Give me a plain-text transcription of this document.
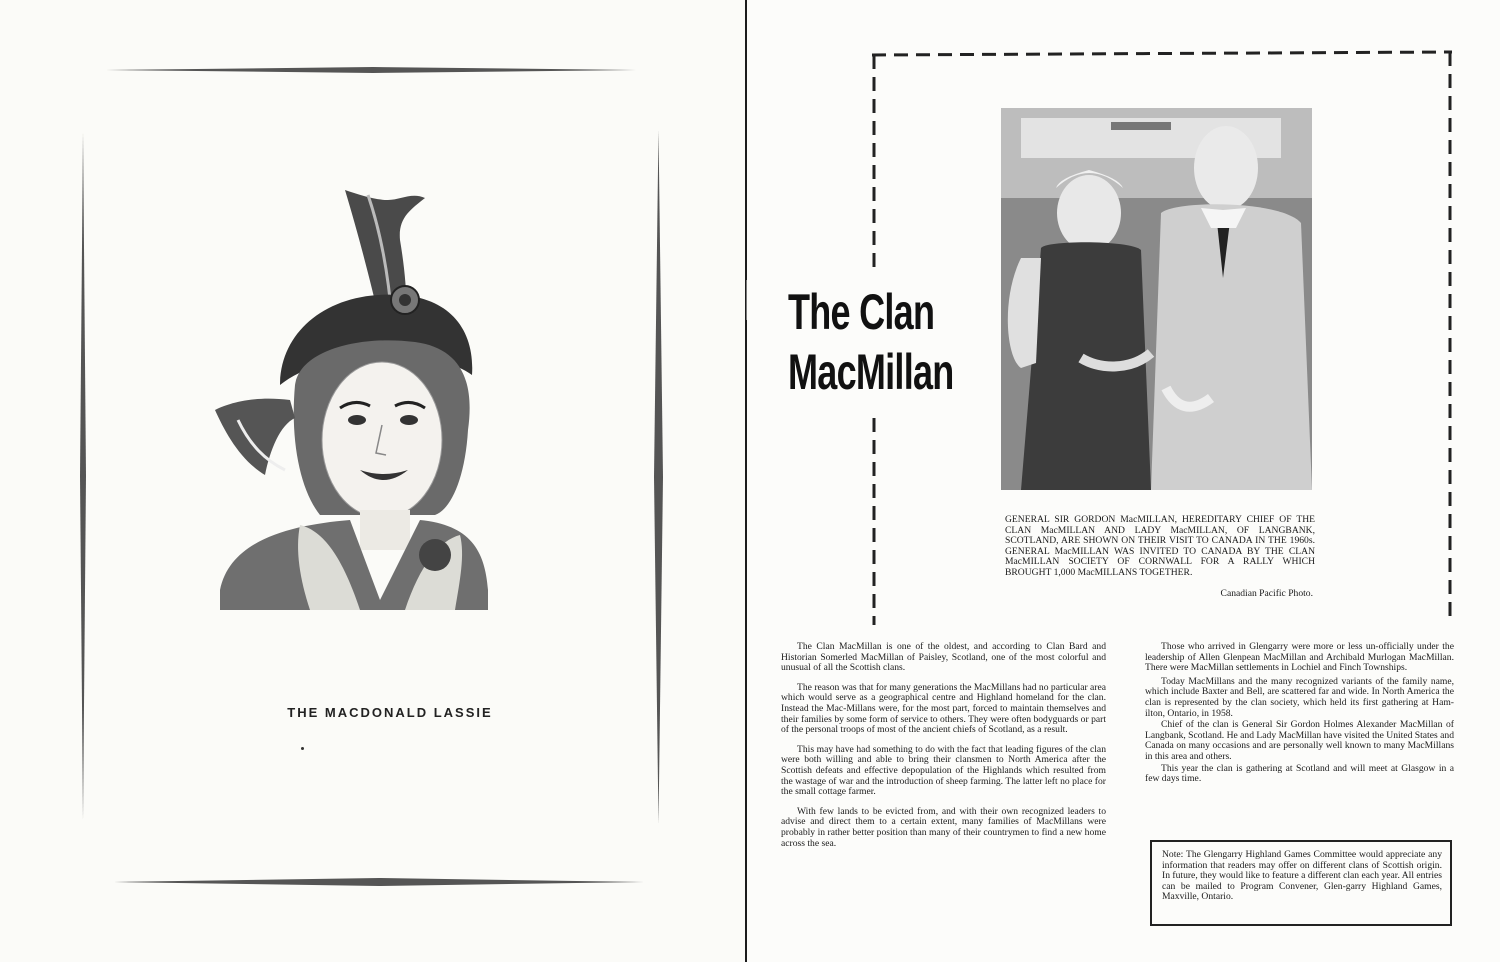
THE MACDONALD LASSIE
The Clan
MacMillan
GENERAL SIR GORDON MacMILLAN, HEREDITARY CHIEF OF THE CLAN MacMILLAN AND LADY MacMILLAN, OF LANGBANK, SCOTLAND, ARE SHOWN ON THEIR VISIT TO CANADA IN THE 1960s. GENERAL MacMILLAN WAS INVITED TO CANADA BY THE CLAN MacMILLAN SOCIETY OF CORNWALL FOR A RALLY WHICH BROUGHT 1,000 MacMILLANS TOGETHER.
Canadian Pacific Photo.

The Clan MacMillan is one of the oldest, and according to Clan Bard and Historian Somerled MacMillan of Paisley, Scotland, one of the most colorful and unusual of all the Scottish clans.

The reason was that for many generations the MacMillans had no particular area which would serve as a geographical centre and Highland homeland for the clan. Instead the Mac-Millans were, for the most part, forced to maintain themselves and their families by some form of service to others. They were often bodyguards or part of the personal troops of most of the ancient chiefs of Scotland, as a result.

This may have had something to do with the fact that leading figures of the clan were both willing and able to bring their clansmen to North America after the Scottish defeats and effective depopulation of the Highlands which resulted from the wastage of war and the introduction of sheep farming. The latter left no place for the small cottage farmer.

With few lands to be evicted from, and with their own recognized leaders to advise and direct them to a certain extent, many families of MacMillans were probably in rather better position than many of their countrymen to find a new home across the sea.

Those who arrived in Glengarry were more or less un-officially under the leadership of Allen Glenpean MacMillan and Archibald Murlogan MacMillan. There were MacMillan settlements in Lochiel and Finch Townships.

Today MacMillans and the many recognized variants of the family name, which include Baxter and Bell, are scattered far and wide. In North America the clan is represented by the clan society, which held its first gathering at Ham-ilton, Ontario, in 1958.

Chief of the clan is General Sir Gordon Holmes Alexander MacMillan of Langbank, Scotland. He and Lady MacMillan have visited the United States and Canada on many occasions and are personally well known to many MacMillans in this area and others.

This year the clan is gathering at Scotland and will meet at Glasgow in a few days time.

Note: The Glengarry Highland Games Committee would appreciate any information that readers may offer on different clans of Scottish origin. In future, they would like to feature a different clan each year. All entries can be mailed to Program Convener, Glen-garry Highland Games, Maxville, Ontario.
